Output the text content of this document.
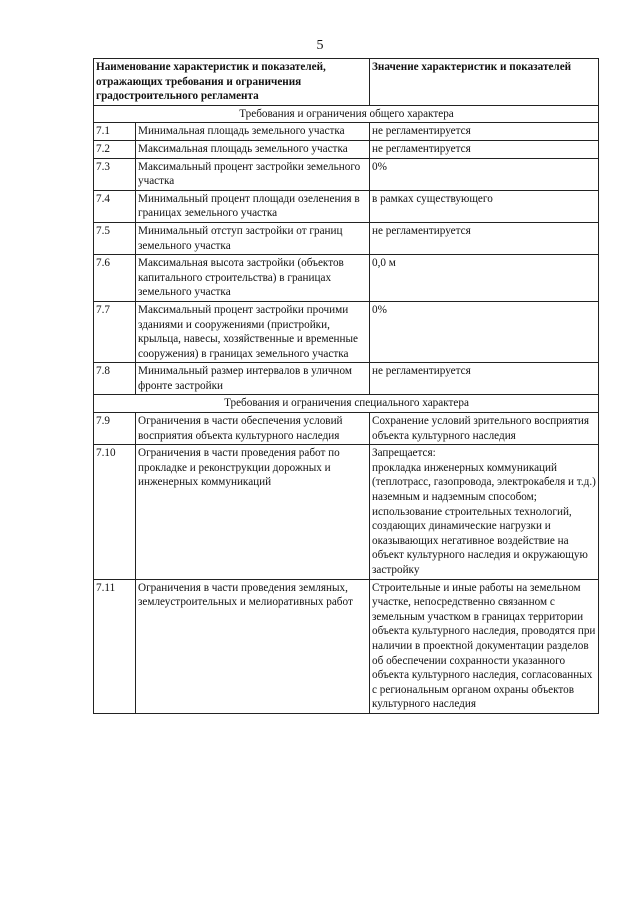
5
Наименование характеристик и показателей, отражающих требования и ограничения градостроительного регламента		Значение характеристик и показателей
Требования и ограничения общего характера		
7.1	Минимальная площадь земельного участка	не регламентируется
7.2	Максимальная площадь земельного участка	не регламентируется
7.3	Максимальный процент застройки земельного участка	0%
7.4	Минимальный процент площади озеленения в границах земельного участка	в рамках существующего
7.5	Минимальный отступ застройки от границ земельного участка	не регламентируется
7.6	Максимальная высота застройки (объектов капитального строительства) в границах земельного участка	0,0 м
7.7	Максимальный процент застройки прочими зданиями и сооружениями (пристройки, крыльца, навесы, хозяйственные и временные сооружения) в границах земельного участка	0%
7.8	Минимальный размер интервалов в уличном фронте застройки	не регламентируется
Требования и ограничения специального характера		
7.9	Ограничения в части обеспечения условий восприятия объекта культурного наследия	Сохранение условий зрительного восприятия объекта культурного наследия
7.10	Ограничения в части проведения работ по прокладке и реконструкции дорожных и инженерных коммуникаций	Запрещается:
прокладка инженерных коммуникаций (теплотрасс, газопровода, электрокабеля и т.д.) наземным и надземным способом;
использование строительных технологий, создающих динамические нагрузки и оказывающих негативное воздействие на объект культурного наследия и окружающую застройку
7.11	Ограничения в части проведения земляных, землеустроительных и мелиоративных работ	Строительные и иные работы на земельном участке, непосредственно связанном с земельным участком в границах территории объекта культурного наследия, проводятся при наличии в проектной документации разделов об обеспечении сохранности указанного объекта культурного наследия, согласованных с региональным органом охраны объектов культурного наследия
